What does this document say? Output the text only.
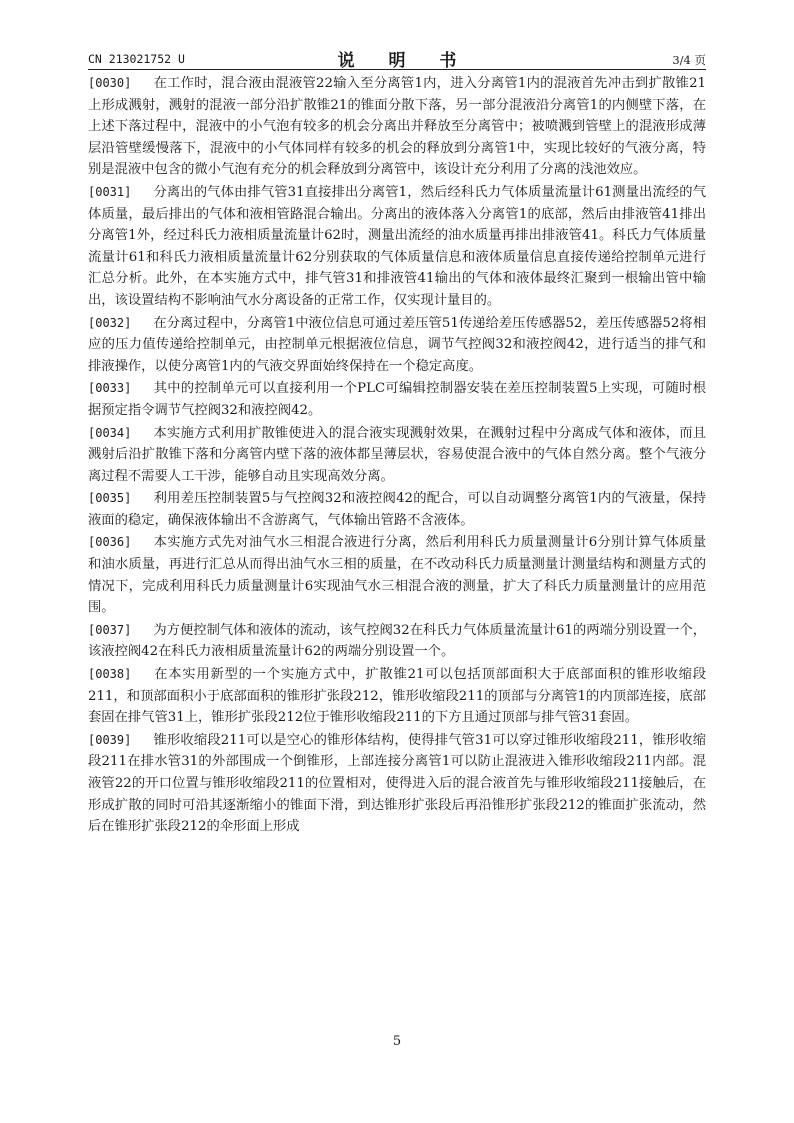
CN 213021752 U	说 明 书	3/4 页

[0030] 在工作时，混合液由混液管22输入至分离管1内，进入分离管1内的混液首先冲击到扩散锥21上形成溅射，溅射的混液一部分沿扩散锥21的锥面分散下落，另一部分混液沿分离管1的内侧壁下落，在上述下落过程中，混液中的小气泡有较多的机会分离出并释放至分离管中；被喷溅到管壁上的混液形成薄层沿管壁缓慢落下，混液中的小气体同样有较多的机会的释放到分离管1中，实现比较好的气液分离，特别是混液中包含的微小气泡有充分的机会释放到分离管中，该设计充分利用了分离的浅池效应。

[0031] 分离出的气体由排气管31直接排出分离管1，然后经科氏力气体质量流量计61测量出流经的气体质量，最后排出的气体和液相管路混合输出。分离出的液体落入分离管1的底部，然后由排液管41排出分离管1外，经过科氏力液相质量流量计62时，测量出流经的油水质量再排出排液管41。科氏力气体质量流量计61和科氏力液相质量流量计62分别获取的气体质量信息和液体质量信息直接传递给控制单元进行汇总分析。此外，在本实施方式中，排气管31和排液管41输出的气体和液体最终汇聚到一根输出管中输出，该设置结构不影响油气水分离设备的正常工作，仅实现计量目的。

[0032] 在分离过程中，分离管1中液位信息可通过差压管51传递给差压传感器52，差压传感器52将相应的压力值传递给控制单元，由控制单元根据液位信息，调节气控阀32和液控阀42，进行适当的排气和排液操作，以使分离管1内的气液交界面始终保持在一个稳定高度。

[0033] 其中的控制单元可以直接利用一个PLC可编辑控制器安装在差压控制装置5上实现，可随时根据预定指令调节气控阀32和液控阀42。

[0034] 本实施方式利用扩散锥使进入的混合液实现溅射效果，在溅射过程中分离成气体和液体，而且溅射后沿扩散锥下落和分离管内壁下落的液体都呈薄层状，容易使混合液中的气体自然分离。整个气液分离过程不需要人工干涉，能够自动且实现高效分离。

[0035] 利用差压控制装置5与气控阀32和液控阀42的配合，可以自动调整分离管1内的气液量，保持液面的稳定，确保液体输出不含游离气，气体输出管路不含液体。

[0036] 本实施方式先对油气水三相混合液进行分离，然后利用科氏力质量测量计6分别计算气体质量和油水质量，再进行汇总从而得出油气水三相的质量，在不改动科氏力质量测量计测量结构和测量方式的情况下，完成利用科氏力质量测量计6实现油气水三相混合液的测量，扩大了科氏力质量测量计的应用范围。

[0037] 为方便控制气体和液体的流动，该气控阀32在科氏力气体质量流量计61的两端分别设置一个，该液控阀42在科氏力液相质量流量计62的两端分别设置一个。

[0038] 在本实用新型的一个实施方式中，扩散锥21可以包括顶部面积大于底部面积的锥形收缩段211，和顶部面积小于底部面积的锥形扩张段212，锥形收缩段211的顶部与分离管1的内顶部连接，底部套固在排气管31上，锥形扩张段212位于锥形收缩段211的下方且通过顶部与排气管31套固。

[0039] 锥形收缩段211可以是空心的锥形体结构，使得排气管31可以穿过锥形收缩段211，锥形收缩段211在排水管31的外部围成一个倒锥形，上部连接分离管1可以防止混液进入锥形收缩段211内部。混液管22的开口位置与锥形收缩段211的位置相对，使得进入后的混合液首先与锥形收缩段211接触后，在形成扩散的同时可沿其逐渐缩小的锥面下滑，到达锥形扩张段后再沿锥形扩张段212的锥面扩张流动，然后在锥形扩张段212的伞形面上形成

5
